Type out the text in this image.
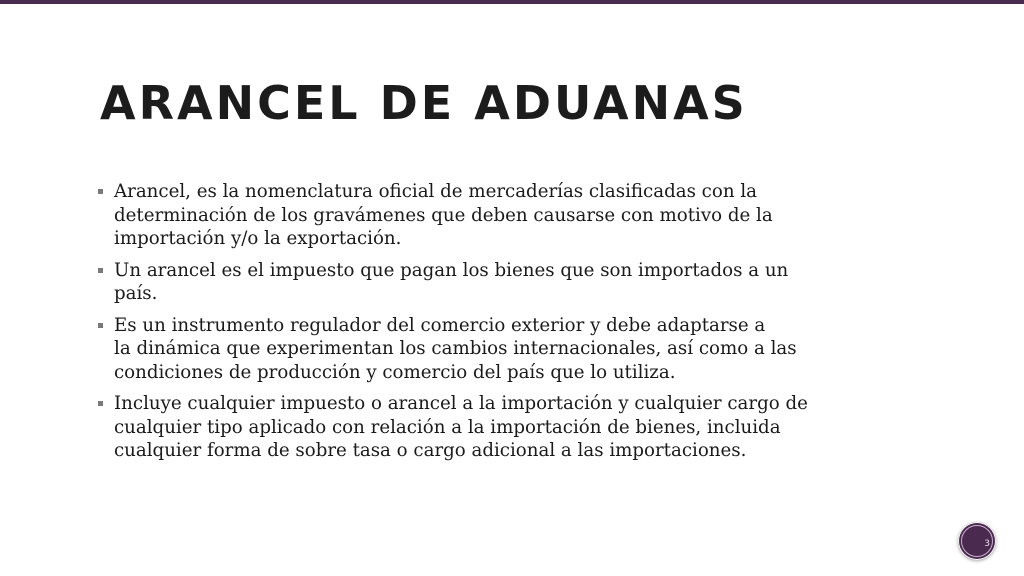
ARANCEL DE ADUANAS
Arancel, es la nomenclatura oficial de mercaderías clasificadas con la
determinación de los gravámenes que deben causarse con motivo de la
importación y/o la exportación.
Un arancel es el impuesto que pagan los bienes que son importados a un
país.
Es un instrumento regulador del comercio exterior y debe adaptarse a
la dinámica que experimentan los cambios internacionales, así como a las
condiciones de producción y comercio del país que lo utiliza.
Incluye cualquier impuesto o arancel a la importación y cualquier cargo de
cualquier tipo aplicado con relación a la importación de bienes, incluida
cualquier forma de sobre tasa o cargo adicional a las importaciones.
3
